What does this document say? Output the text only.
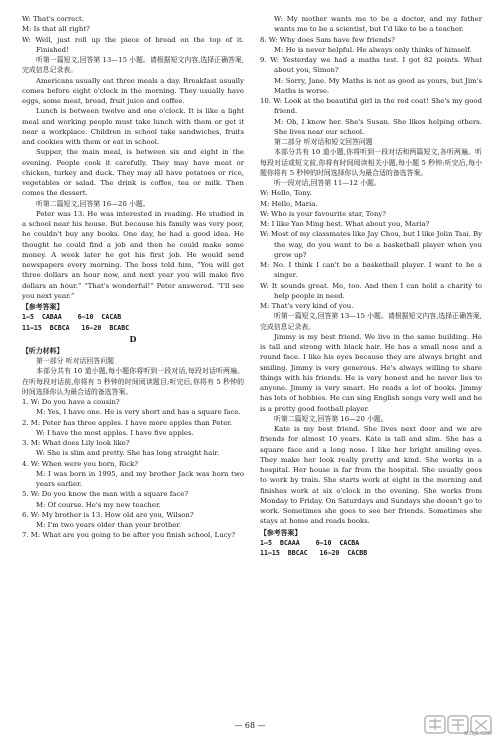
W: That's correct.

M: Is that all right?

W: Well, just roll up the piece of bread on the top of it. Finished!

听第一篇短文,回答第 13—15 小题。请根据短文内容,选择正确答案,完成信息记录表。

Americans usually eat three meals a day. Breakfast usually comes before eight o'clock in the morning. They usually have eggs, some meat, bread, fruit juice and coffee.

Lunch is between twelve and one o'clock. It is like a light meal and working people must take lunch with them or get it near a workplace. Children in school take sandwiches, fruits and cookies with them or eat in school.

Supper, the main meal, is between six and eight in the evening. People cook it carefully. They may have meat or chicken, turkey and duck. They may all have potatoes or rice, vegetables or salad. The drink is coffee, tea or milk. Then comes the dessert.

听第二篇短文,回答第 16—20 小题。

Peter was 13. He was interested in reading. He studied in a school near his house. But because his family was very poor, he couldn't buy any books. One day, he had a good idea. He thought he could find a job and then he could make some money. A week later he got his first job. He would send newspapers every morning. The boss told him, “You will get three dollars an hour now, and next year you will make five dollars an hour.” “That's wonderful!” Peter answered. “I'll see you next year.”

【参考答案】

1—5  CABAA    6—10  CACAB

11—15  BCBCA   16—20  BCABC

D

【听力材料】

第一部分 听对话回答问题

本部分共有 10 道小题,每小题你将听到一段对话,每段对话听两遍。在听每段对话前,你将有 5 秒钟的时间阅读题目;听完后,你将有 5 秒钟的时间选择你认为最合适的备选答案。

1. W: Do you have a cousin?

M: Yes, I have one. He is very short and has a square face.

2. M: Peter has three apples. I have more apples than Peter.

W: I have the most apples. I have five apples.

3. M: What does Lily look like?

W: She is slim and pretty. She has long straight hair.

4. W: When were you born, Rick?

M: I was born in 1995, and my brother Jack was born two years earlier.

5. W: Do you know the man with a square face?

M: Of course. He's my new teacher.

6. W: My brother is 13. How old are you, Wilson?

M: I'm two years older than your brother.

7. M: What are you going to be after you finish school, Lucy?

W: My mother wants me to be a doctor, and my father wants me to be a scientist, but I'd like to be a teacher.

8. W: Why does Sam have few friends?

M: He is never helpful. He always only thinks of himself.

9. W: Yesterday we had a maths test. I got 82 points. What about you, Simon?

M: Sorry, Jane. My Maths is not as good as yours, but Jim's Maths is worse.

10. W: Look at the beautiful girl in the red coat! She's my good friend.

M: Oh, I know her. She's Susan. She likes helping others. She lives near our school.

第二部分 听对话和短文回答问题

本部分共有 10 道小题,你将听到一段对话和两篇短文,各听两遍。听每段对话或短文前,你将有时间阅读相关小题,每小题 5 秒钟;听完后,每小题你将有 5 秒钟的时间选择你认为最合适的备选答案。

听一段对话,回答第 11—12 小题。

W: Hello, Tony.

M: Hello, Maria.

W: Who is your favourite star, Tony?

M: I like Yao Ming best. What about you, Maria?

W: Most of my classmates like Jay Chou, but I like Jolin Tsai. By the way, do you want to be a basketball player when you grow up?

M: No. I think I can't be a basketball player. I want to be a singer.

W: It sounds great. Me, too. And then I can hold a charity to help people in need.

M: That's very kind of you.

听第一篇短文,回答第 13—15 小题。请根据短文内容,选择正确答案,完成信息记录表。

Jimmy is my best friend. We live in the same building. He is tall and strong with black hair. He has a small nose and a round face. I like his eyes because they are always bright and smiling. Jimmy is very generous. He's always willing to share things with his friends. He is very honest and he never lies to anyone. Jimmy is very smart. He reads a lot of books. Jimmy has lots of hobbies. He can sing English songs very well and he is a pretty good football player.

听第二篇短文,回答第 16—20 小题。

Kate is my best friend. She lives next door and we are friends for almost 10 years. Kate is tall and slim. She has a square face and a long nose. I like her bright smiling eyes. They make her look really pretty and kind. She works in a hospital. Her house is far from the hospital. She usually goes to work by train. She starts work at eight in the morning and finishes work at six o'clock in the evening. She works from Monday to Friday. On Saturdays and Sundays she doesn't go to work. Sometimes she goes to see her friends. Sometimes she stays at home and reads books.

【参考答案】

1—5  BCAAA    6—10  CACBA

11—15  BBCAC   16—20  CACBB

— 68 —
MXQE.COM
